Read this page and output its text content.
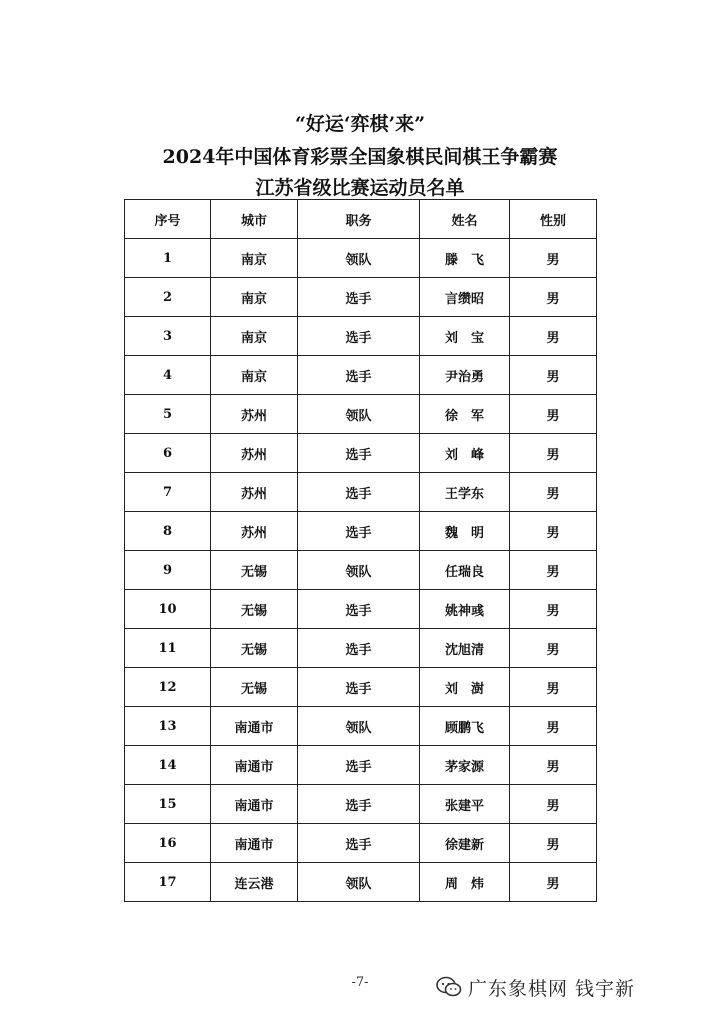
“好运‘弈棋’来”
2024年中国体育彩票全国象棋民间棋王争霸赛
江苏省级比赛运动员名单
序号	城市	职务	姓名	性别
1	南京	领队	滕　飞	男
2	南京	选手	言缵昭	男
3	南京	选手	刘　宝	男
4	南京	选手	尹治勇	男
5	苏州	领队	徐　军	男
6	苏州	选手	刘　峰	男
7	苏州	选手	王学东	男
8	苏州	选手	魏　明	男
9	无锡	领队	任瑞良	男
10	无锡	选手	姚神彧	男
11	无锡	选手	沈旭清	男
12	无锡	选手	刘　澍	男
13	南通市	领队	顾鹏飞	男
14	南通市	选手	茅家源	男
15	南通市	选手	张建平	男
16	南通市	选手	徐建新	男
17	连云港	领队	周　炜	男
-7-	广东象棋网 钱宇新
